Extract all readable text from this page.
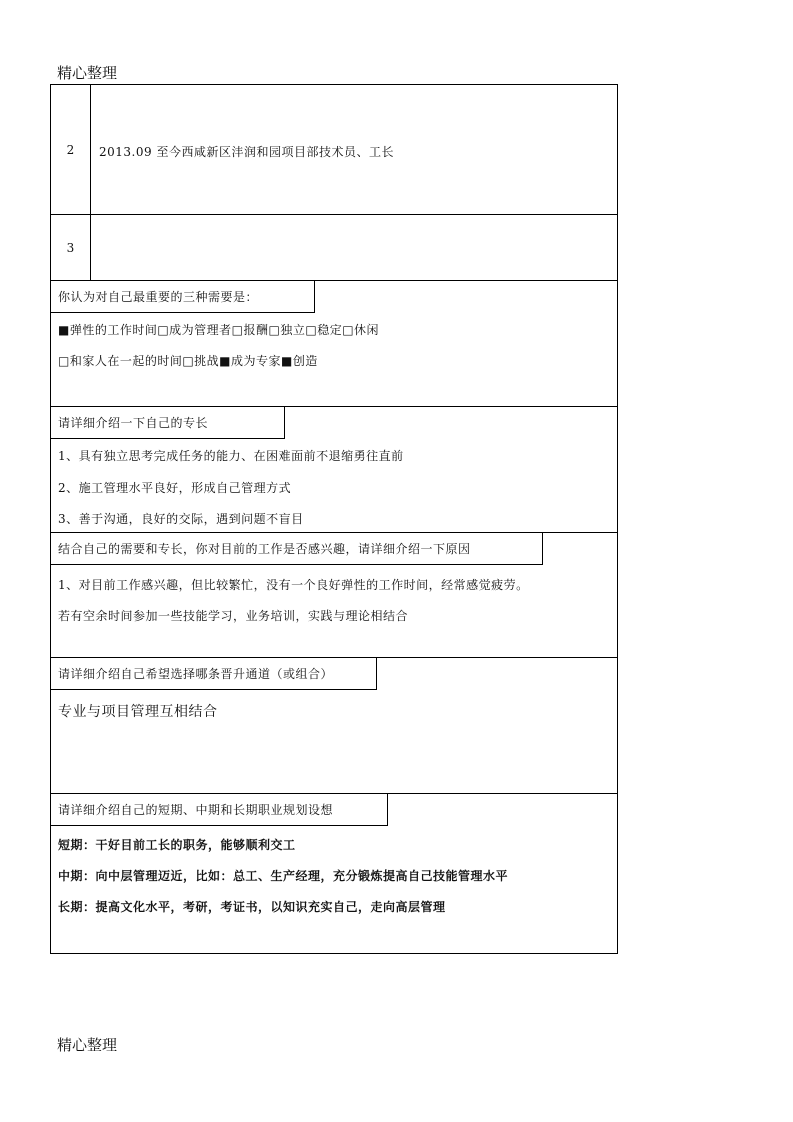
精心整理
2	2013.09 至今西咸新区沣润和园项目部技术员、工长
3
你认为对自己最重要的三种需要是：
■弹性的工作时间□成为管理者□报酬□独立□稳定□休闲
□和家人在一起的时间□挑战■成为专家■创造
请详细介绍一下自己的专长
1、具有独立思考完成任务的能力、在困难面前不退缩勇往直前
2、施工管理水平良好，形成自己管理方式
3、善于沟通，良好的交际，遇到问题不盲目
结合自己的需要和专长，你对目前的工作是否感兴趣，请详细介绍一下原因
1、对目前工作感兴趣，但比较繁忙，没有一个良好弹性的工作时间，经常感觉疲劳。
若有空余时间参加一些技能学习，业务培训，实践与理论相结合
请详细介绍自己希望选择哪条晋升通道（或组合）
专业与项目管理互相结合
请详细介绍自己的短期、中期和长期职业规划设想
短期：干好目前工长的职务，能够顺利交工
中期：向中层管理迈近，比如：总工、生产经理，充分锻炼提高自己技能管理水平
长期：提高文化水平，考研，考证书，以知识充实自己，走向高层管理
精心整理
